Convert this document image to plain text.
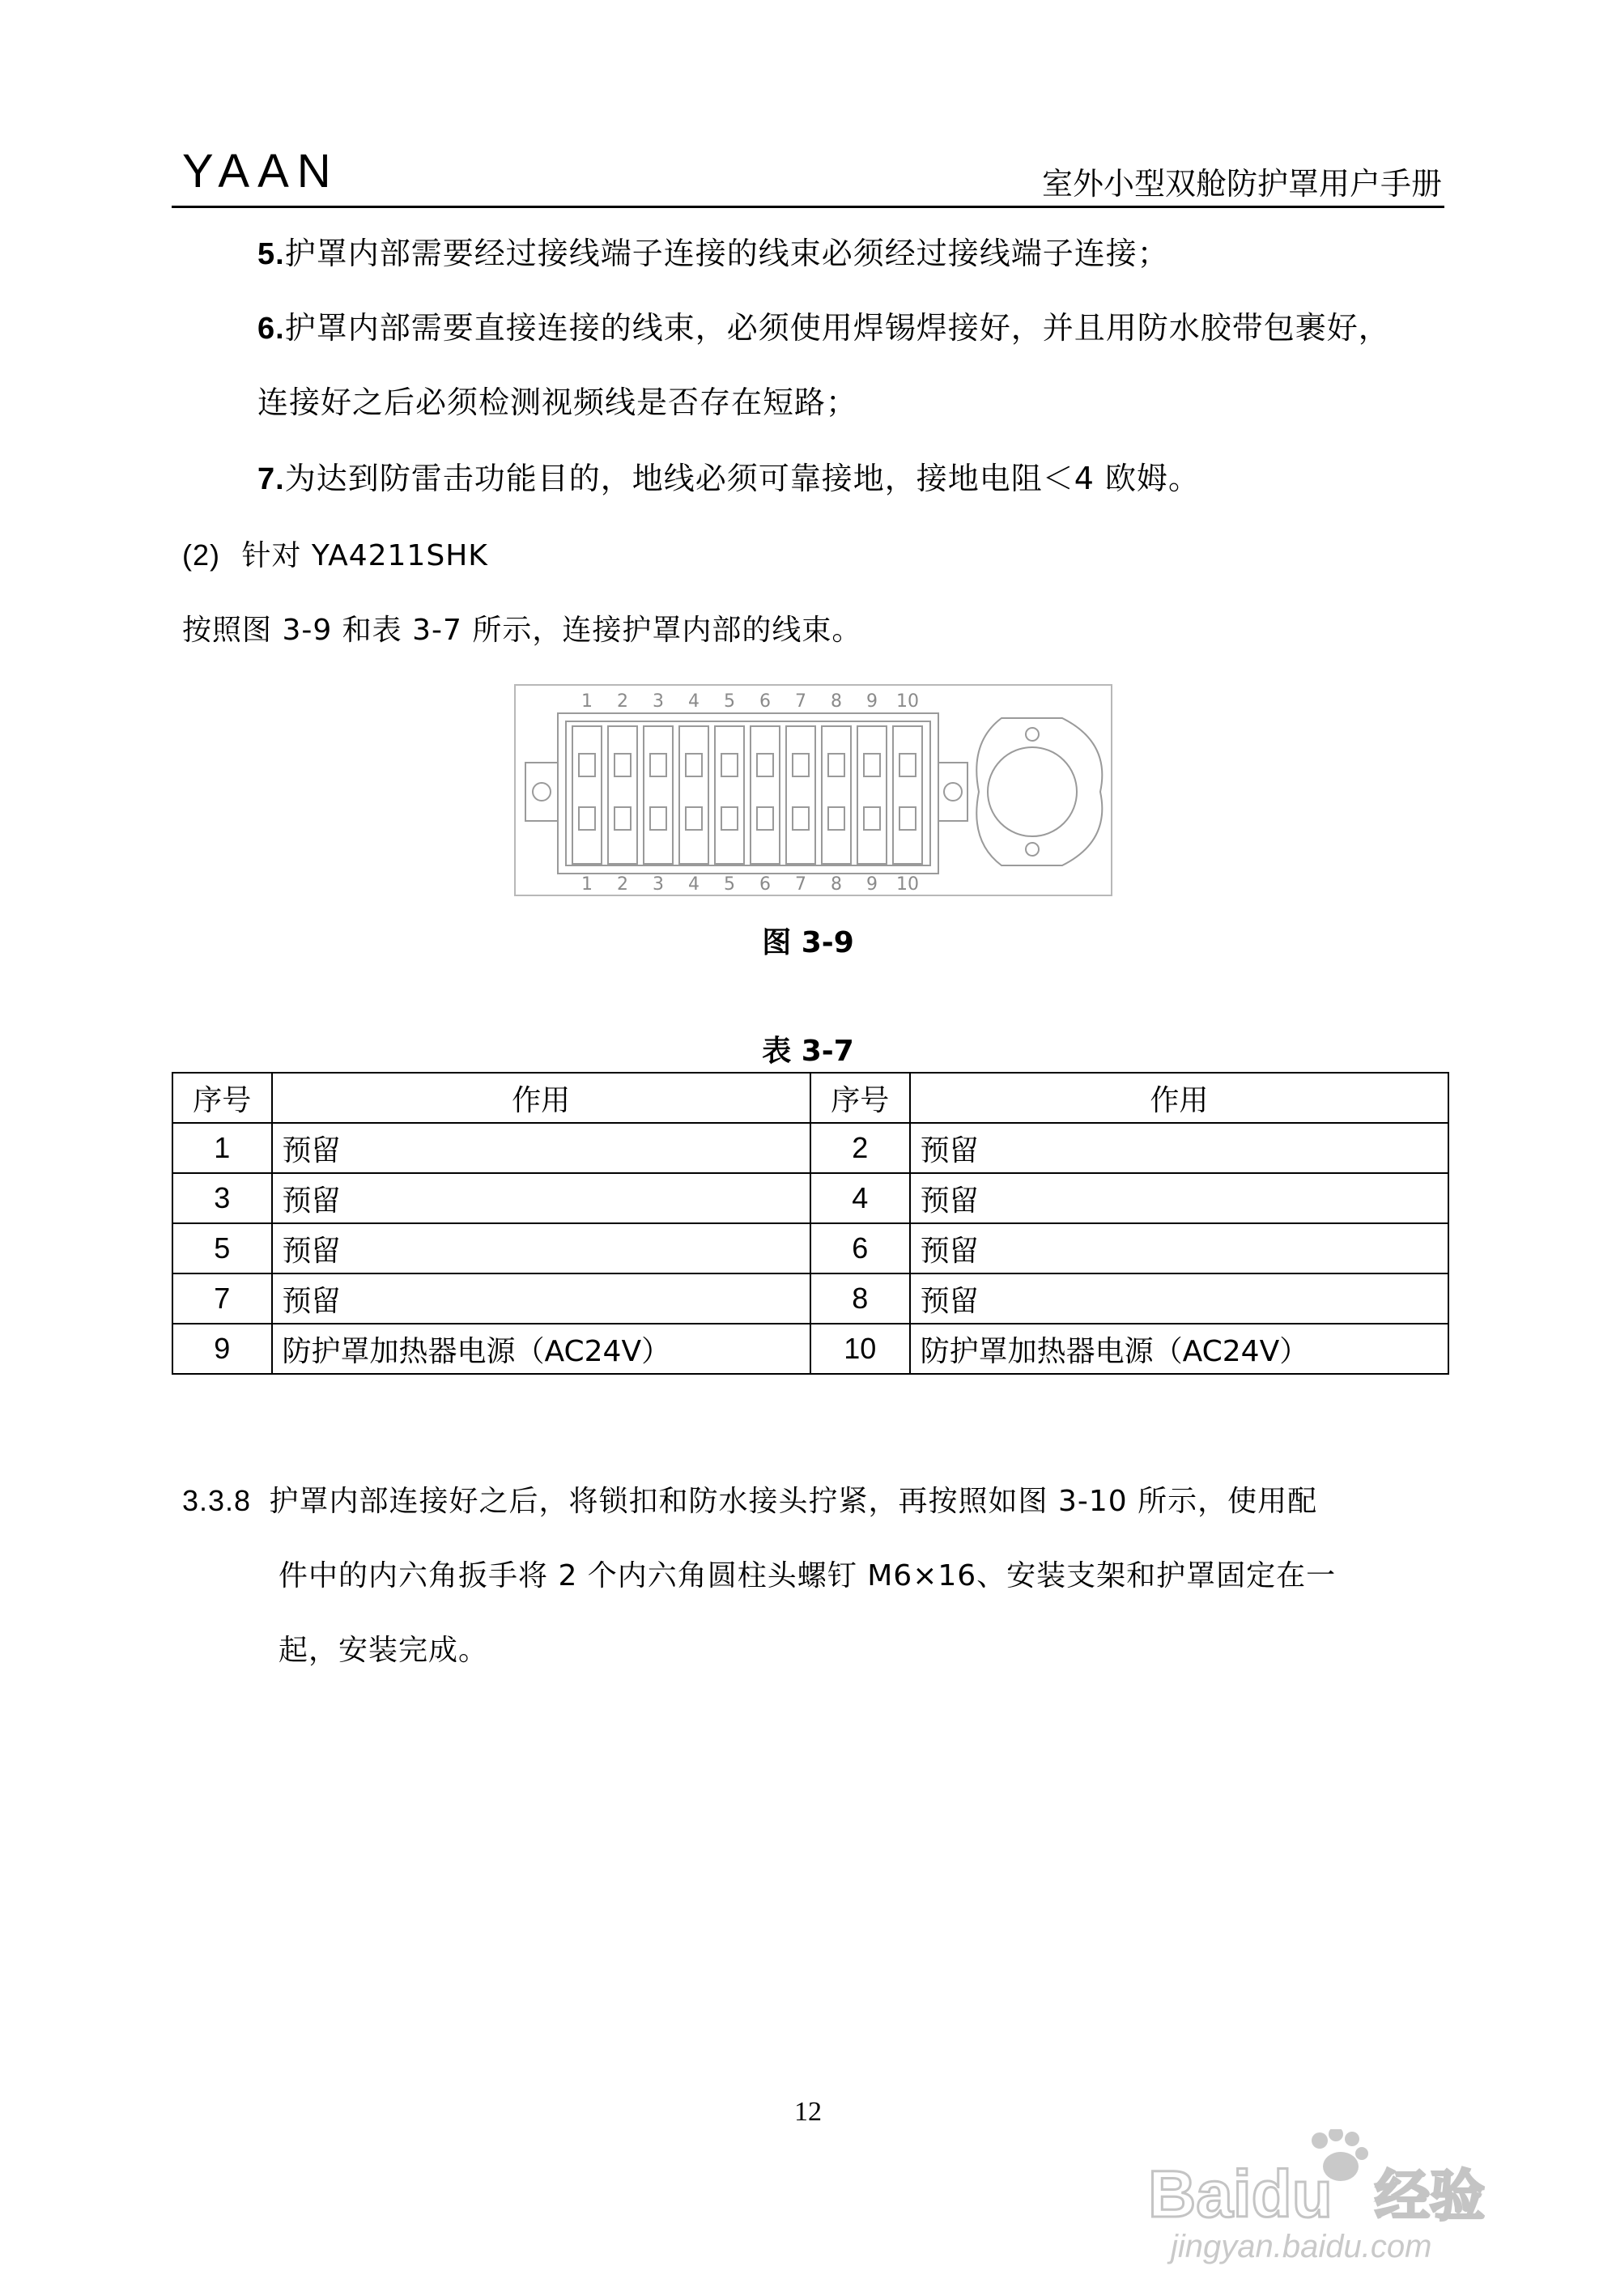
YAAN	室外小型双舱防护罩用户手册
5.护罩内部需要经过接线端子连接的线束必须经过接线端子连接；
6.护罩内部需要直接连接的线束，必须使用焊锡焊接好，并且用防水胶带包裹好，
连接好之后必须检测视频线是否存在短路；
7.为达到防雷击功能目的，地线必须可靠接地，接地电阻＜4 欧姆。
(2) 针对 YA4211SHK
按照图 3-9 和表 3-7 所示，连接护罩内部的线束。
1 2 3 4 5 6 7 8 9 10
1 2 3 4 5 6 7 8 9 10
图 3-9
表 3-7
序号	作用	序号	作用
1	预留	2	预留
3	预留	4	预留
5	预留	6	预留
7	预留	8	预留
9	防护罩加热器电源（AC24V）	10	防护罩加热器电源（AC24V）
3.3.8 护罩内部连接好之后，将锁扣和防水接头拧紧，再按照如图 3-10 所示，使用配
件中的内六角扳手将 2 个内六角圆柱头螺钉 M6×16、安装支架和护罩固定在一
起，安装完成。
12
Baidu 经验
jingyan.baidu.com
